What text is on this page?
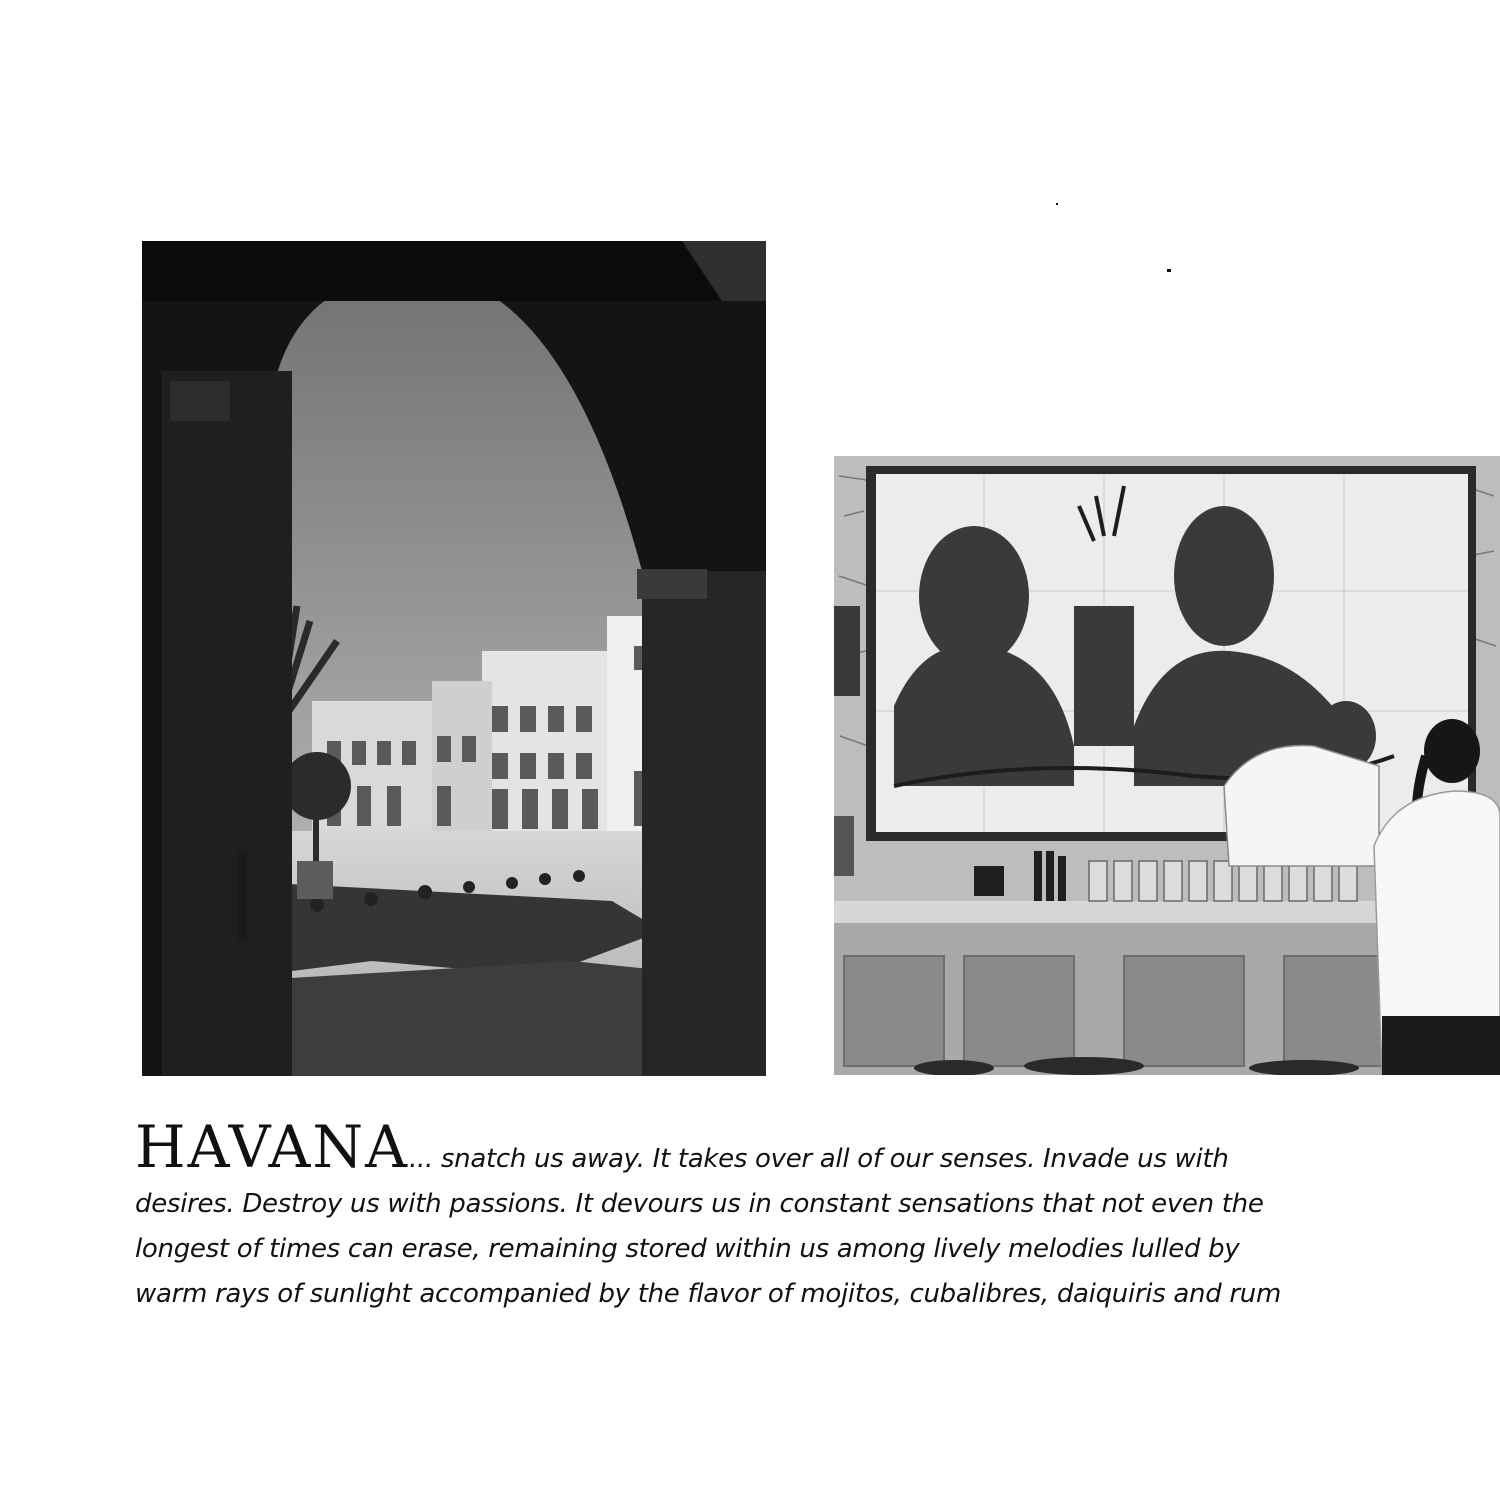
HAVANA... snatch us away. It takes over all of our senses. Invade us with desires. Destroy us with passions. It devours us in constant sensations that not even the longest of times can erase, remaining stored within us among lively melodies lulled by warm rays of sunlight accompanied by the flavor of mojitos, cubalibres, daiquiris and rum
